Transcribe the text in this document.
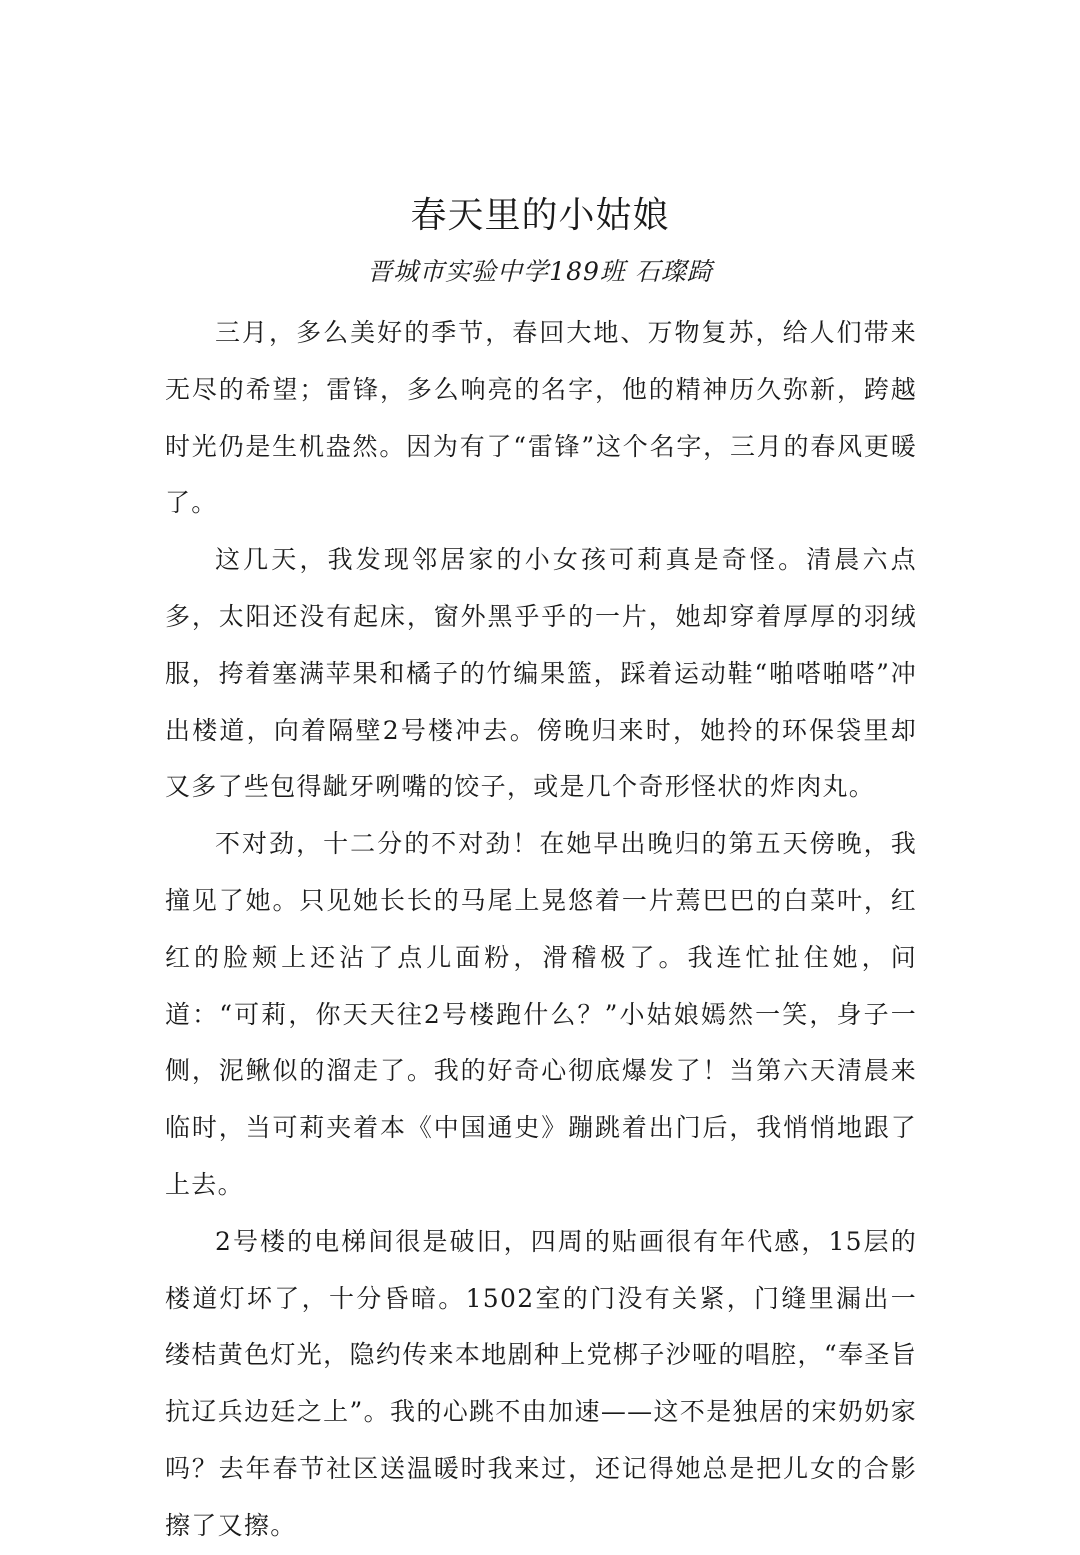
春天里的小姑娘
晋城市实验中学189班 石璨踦

三月，多么美好的季节，春回大地、万物复苏，给人们带来无尽的希望；雷锋，多么响亮的名字，他的精神历久弥新，跨越时光仍是生机盎然。因为有了“雷锋”这个名字，三月的春风更暖了。

这几天，我发现邻居家的小女孩可莉真是奇怪。清晨六点多，太阳还没有起床，窗外黑乎乎的一片，她却穿着厚厚的羽绒服，挎着塞满苹果和橘子的竹编果篮，踩着运动鞋“啪嗒啪嗒”冲出楼道，向着隔壁2号楼冲去。傍晚归来时，她拎的环保袋里却又多了些包得龇牙咧嘴的饺子，或是几个奇形怪状的炸肉丸。

不对劲，十二分的不对劲！在她早出晚归的第五天傍晚，我撞见了她。只见她长长的马尾上晃悠着一片蔫巴巴的白菜叶，红红的脸颊上还沾了点儿面粉，滑稽极了。我连忙扯住她，问道：“可莉，你天天往2号楼跑什么？”小姑娘嫣然一笑，身子一侧，泥鳅似的溜走了。我的好奇心彻底爆发了！当第六天清晨来临时，当可莉夹着本《中国通史》蹦跳着出门后，我悄悄地跟了上去。

2号楼的电梯间很是破旧，四周的贴画很有年代感，15层的楼道灯坏了，十分昏暗。1502室的门没有关紧，门缝里漏出一缕桔黄色灯光，隐约传来本地剧种上党梆子沙哑的唱腔，“奉圣旨抗辽兵边廷之上”。我的心跳不由加速——这不是独居的宋奶奶家吗？去年春节社区送温暖时我来过，还记得她总是把儿女的合影擦了又擦。
